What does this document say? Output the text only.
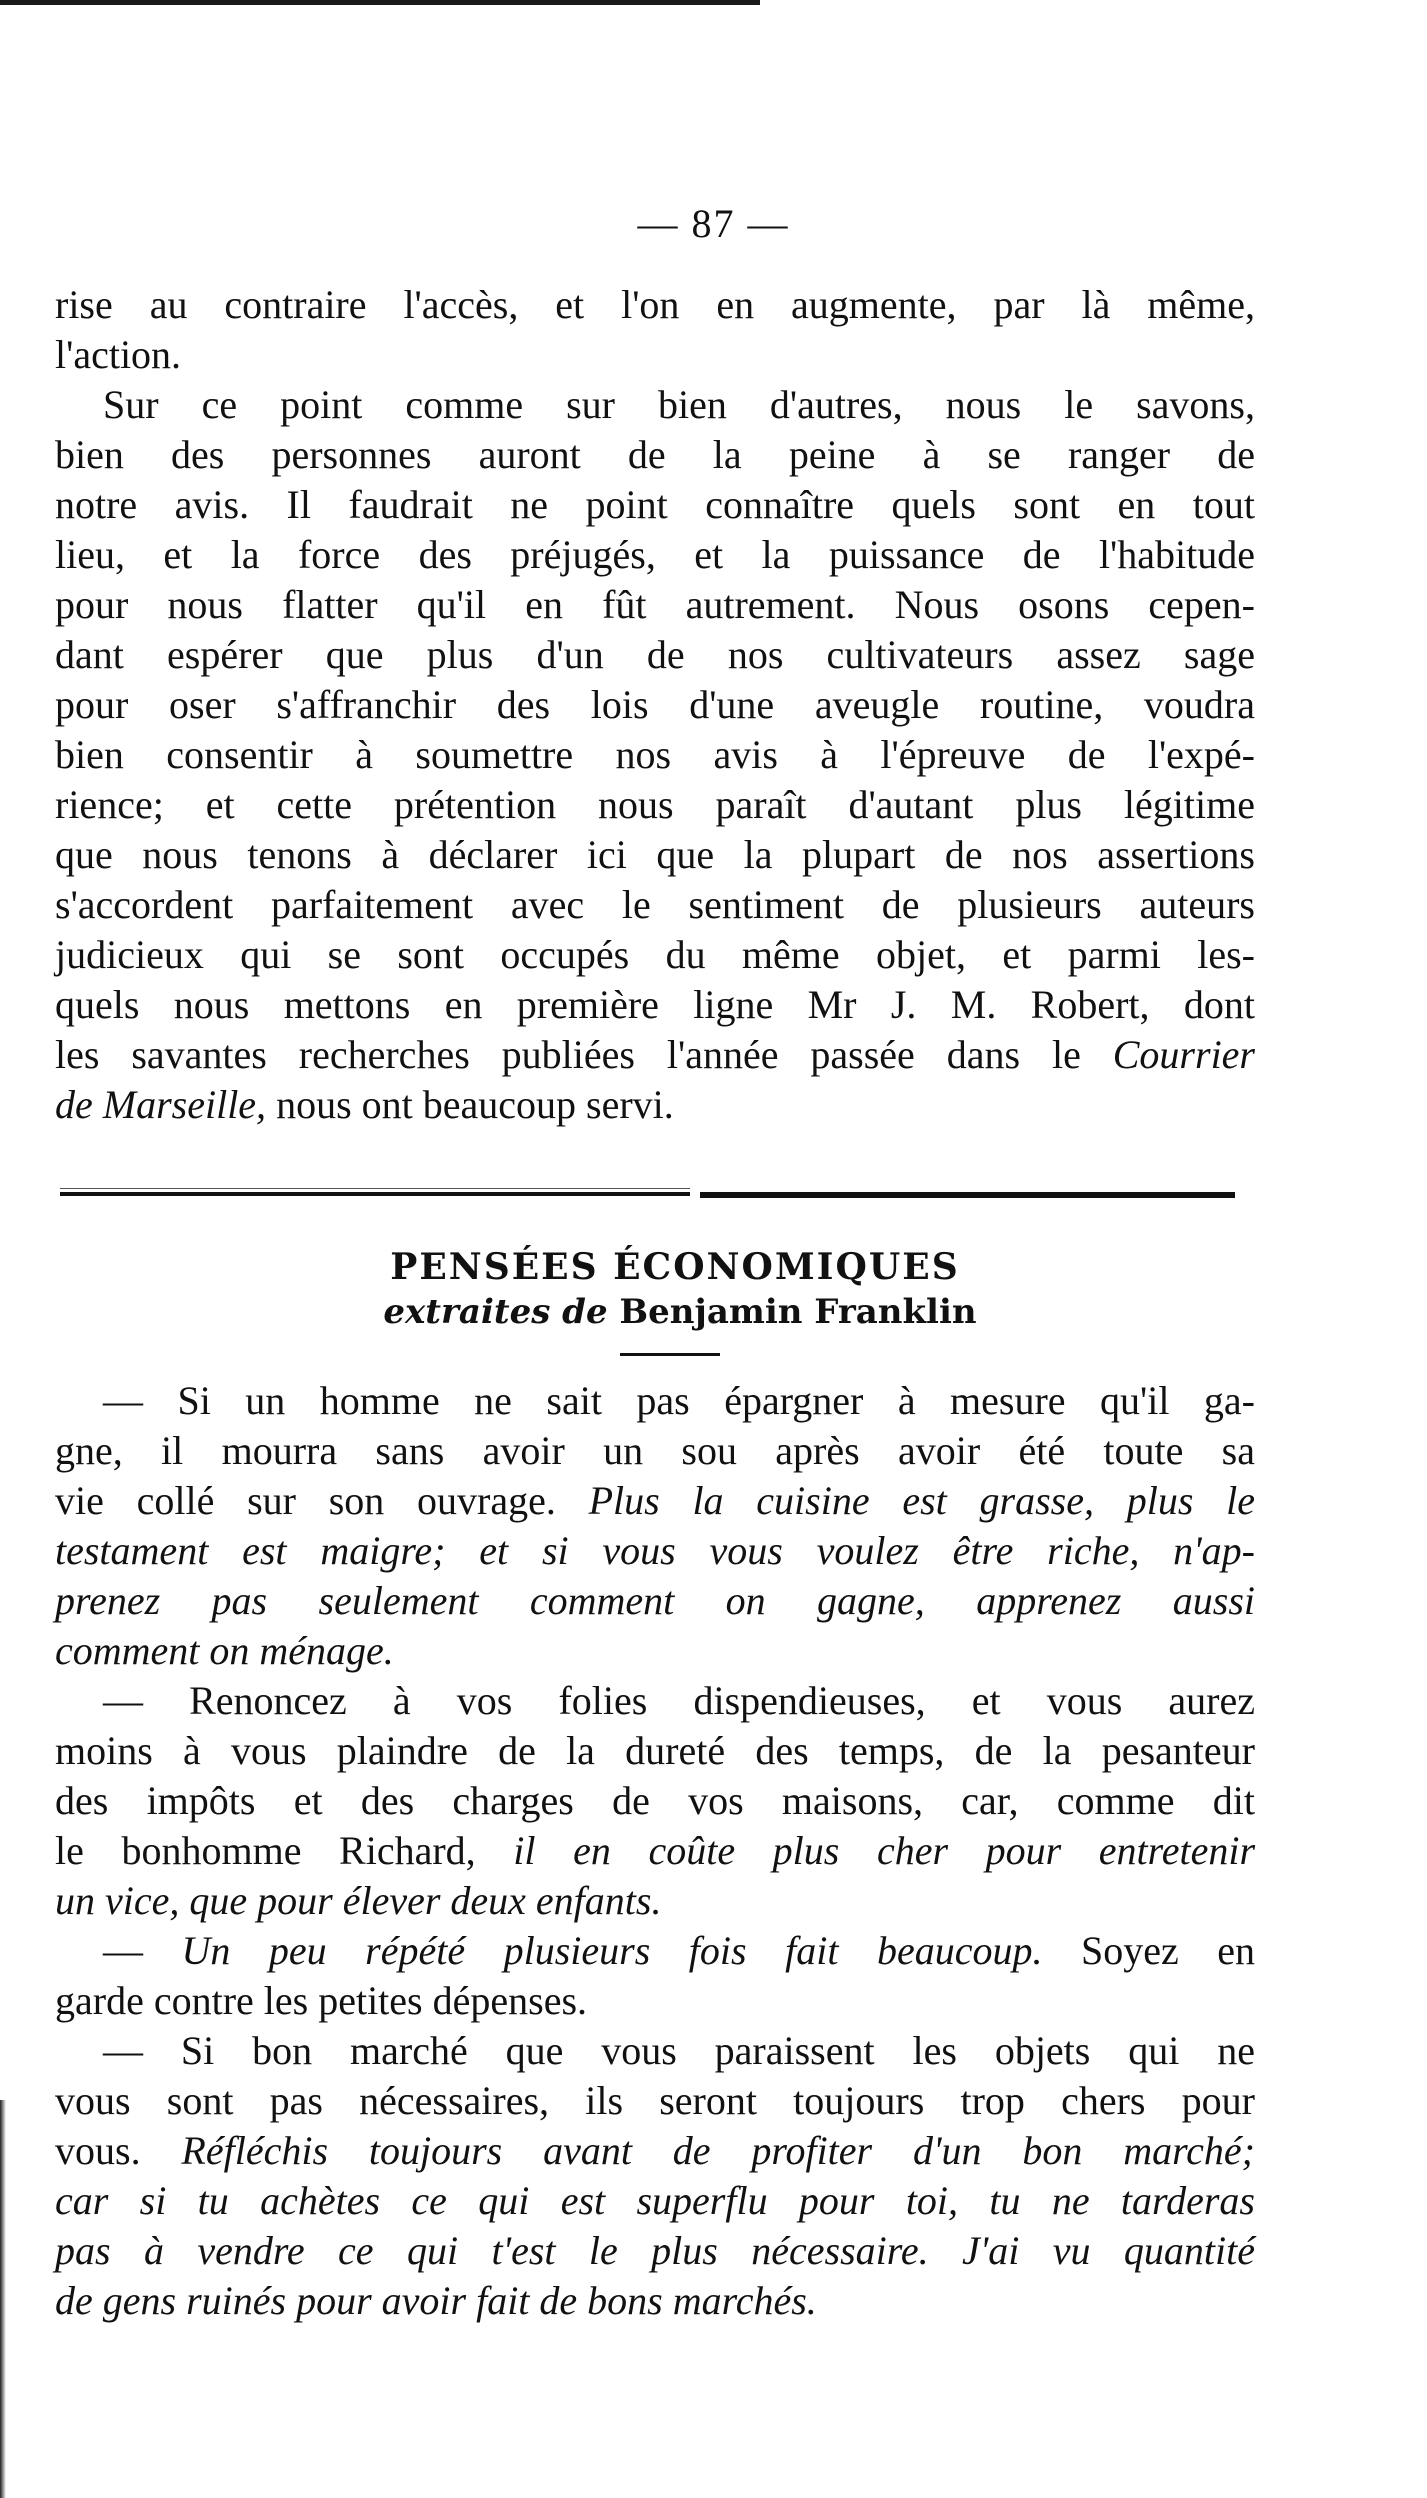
— 87 —
rise au contraire l'accès, et l'on en augmente, par là même,
l'action.
Sur ce point comme sur bien d'autres, nous le savons,
bien des personnes auront de la peine à se ranger de
notre avis. Il faudrait ne point connaître quels sont en tout
lieu, et la force des préjugés, et la puissance de l'habitude
pour nous flatter qu'il en fût autrement. Nous osons cepen-
dant espérer que plus d'un de nos cultivateurs assez sage
pour oser s'affranchir des lois d'une aveugle routine, voudra
bien consentir à soumettre nos avis à l'épreuve de l'expé-
rience; et cette prétention nous paraît d'autant plus légitime
que nous tenons à déclarer ici que la plupart de nos assertions
s'accordent parfaitement avec le sentiment de plusieurs auteurs
judicieux qui se sont occupés du même objet, et parmi les-
quels nous mettons en première ligne Mr J. M. Robert, dont
les savantes recherches publiées l'année passée dans le Courrier
de Marseille, nous ont beaucoup servi.
PENSÉES ÉCONOMIQUES
extraites de Benjamin Franklin
— Si un homme ne sait pas épargner à mesure qu'il ga-
gne, il mourra sans avoir un sou après avoir été toute sa
vie collé sur son ouvrage. Plus la cuisine est grasse, plus le
testament est maigre; et si vous vous voulez être riche, n'ap-
prenez pas seulement comment on gagne, apprenez aussi
comment on ménage.
— Renoncez à vos folies dispendieuses, et vous aurez
moins à vous plaindre de la dureté des temps, de la pesanteur
des impôts et des charges de vos maisons, car, comme dit
le bonhomme Richard, il en coûte plus cher pour entretenir
un vice, que pour élever deux enfants.
— Un peu répété plusieurs fois fait beaucoup. Soyez en
garde contre les petites dépenses.
— Si bon marché que vous paraissent les objets qui ne
vous sont pas nécessaires, ils seront toujours trop chers pour
vous. Réfléchis toujours avant de profiter d'un bon marché;
car si tu achètes ce qui est superflu pour toi, tu ne tarderas
pas à vendre ce qui t'est le plus nécessaire. J'ai vu quantité
de gens ruinés pour avoir fait de bons marchés.
